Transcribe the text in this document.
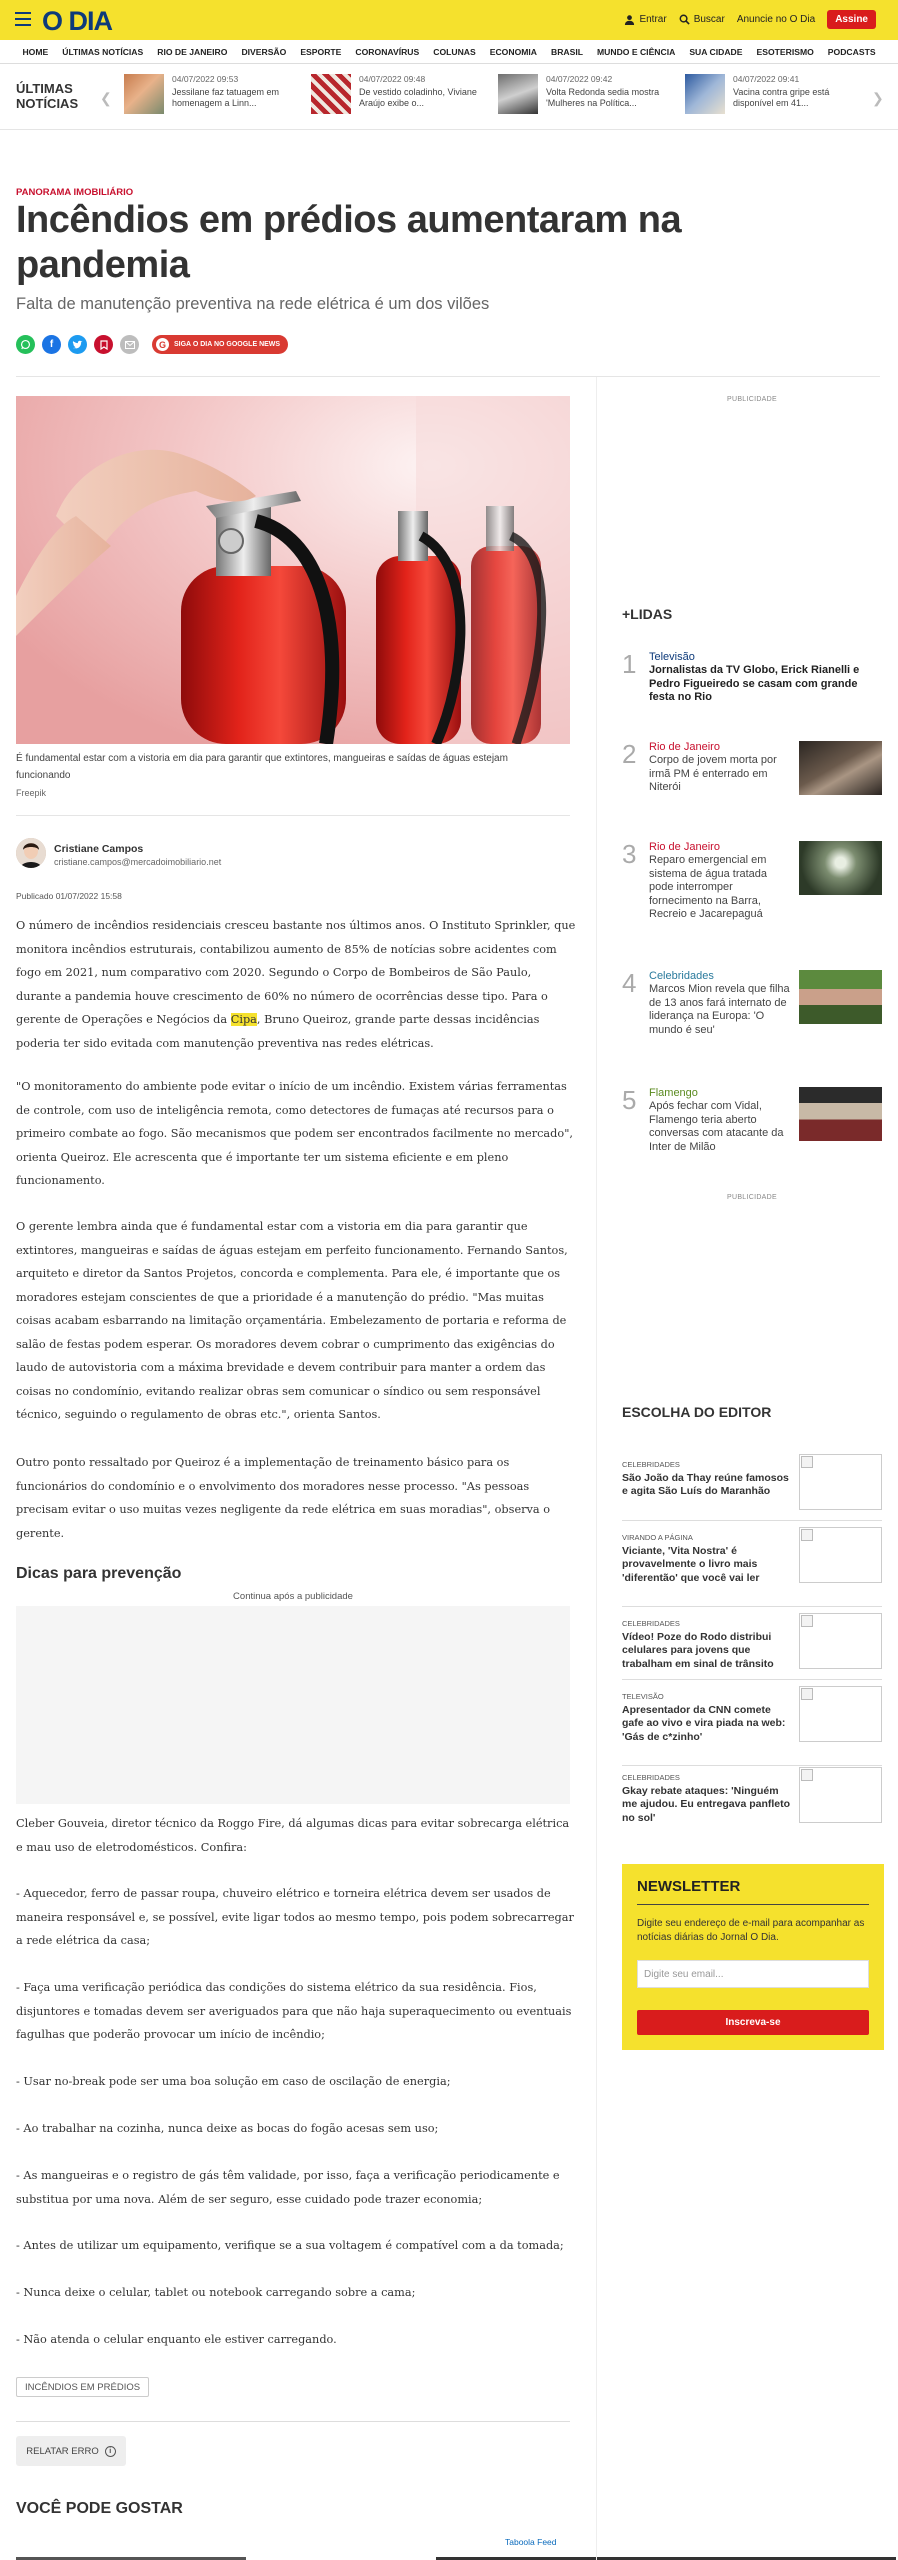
O DIA	Entrar	Buscar Anuncie no O Dia	Assine
HOME ÚLTIMAS NOTÍCIAS RIO DE JANEIRO DIVERSÃO ESPORTE CORONAVÍRUS COLUNAS ECONOMIA BRASIL MUNDO E CIÊNCIA SUA CIDADE ESOTERISMO PODCASTS
ÚLTIMAS
NOTÍCIAS ❮	❯
04/07/2022 09:53
Jessilane faz tatuagem em homenagem a Linn...
04/07/2022 09:48
De vestido coladinho, Viviane Araújo exibe o...
04/07/2022 09:42
Volta Redonda sedia mostra 'Mulheres na Política...
04/07/2022 09:41
Vacina contra gripe está disponível em 41...
PANORAMA IMOBILIÁRIO
Incêndios em prédios aumentaram na pandemia
Falta de manutenção preventiva na rede elétrica é um dos vilões
f	G	SIGA O DIA NO GOOGLE NEWS
É fundamental estar com a vistoria em dia para garantir que extintores, mangueiras e saídas de águas estejam funcionando
Freepik
Cristiane Campos
cristiane.campos@mercadoimobiliario.net
Publicado 01/07/2022 15:58

O número de incêndios residenciais cresceu bastante nos últimos anos. O Instituto Sprinkler, que monitora incêndios estruturais, contabilizou aumento de 85% de notícias sobre acidentes com fogo em 2021, num comparativo com 2020. Segundo o Corpo de Bombeiros de São Paulo, durante a pandemia houve crescimento de 60% no número de ocorrências desse tipo. Para o gerente de Operações e Negócios da Cipa, Bruno Queiroz, grande parte dessas incidências poderia ter sido evitada com manutenção preventiva nas redes elétricas.

"O monitoramento do ambiente pode evitar o início de um incêndio. Existem várias ferramentas de controle, com uso de inteligência remota, como detectores de fumaças até recursos para o primeiro combate ao fogo. São mecanismos que podem ser encontrados facilmente no mercado", orienta Queiroz. Ele acrescenta que é importante ter um sistema eficiente e em pleno funcionamento.

O gerente lembra ainda que é fundamental estar com a vistoria em dia para garantir que extintores, mangueiras e saídas de águas estejam em perfeito funcionamento. Fernando Santos, arquiteto e diretor da Santos Projetos, concorda e complementa. Para ele, é importante que os moradores estejam conscientes de que a prioridade é a manutenção do prédio. "Mas muitas coisas acabam esbarrando na limitação orçamentária. Embelezamento de portaria e reforma de salão de festas podem esperar. Os moradores devem cobrar o cumprimento das exigências do laudo de autovistoria com a máxima brevidade e devem contribuir para manter a ordem das coisas no condomínio, evitando realizar obras sem comunicar o síndico ou sem responsável técnico, seguindo o regulamento de obras etc.", orienta Santos.

Outro ponto ressaltado por Queiroz é a implementação de treinamento básico para os funcionários do condomínio e o envolvimento dos moradores nesse processo. "As pessoas precisam evitar o uso muitas vezes negligente da rede elétrica em suas moradias", observa o gerente.

Dicas para prevenção
Continua após a publicidade

Cleber Gouveia, diretor técnico da Roggo Fire, dá algumas dicas para evitar sobrecarga elétrica e mau uso de eletrodomésticos. Confira:

- Aquecedor, ferro de passar roupa, chuveiro elétrico e torneira elétrica devem ser usados de maneira responsável e, se possível, evite ligar todos ao mesmo tempo, pois podem sobrecarregar a rede elétrica da casa;

- Faça uma verificação periódica das condições do sistema elétrico da sua residência. Fios, disjuntores e tomadas devem ser averiguados para que não haja superaquecimento ou eventuais fagulhas que poderão provocar um início de incêndio;

- Usar no-break pode ser uma boa solução em caso de oscilação de energia;

- Ao trabalhar na cozinha, nunca deixe as bocas do fogão acesas sem uso;

- As mangueiras e o registro de gás têm validade, por isso, faça a verificação periodicamente e substitua por uma nova. Além de ser seguro, esse cuidado pode trazer economia;

- Antes de utilizar um equipamento, verifique se a sua voltagem é compatível com a da tomada;

- Nunca deixe o celular, tablet ou notebook carregando sobre a cama;

- Não atenda o celular enquanto ele estiver carregando.

INCÊNDIOS EM PRÉDIOS
RELATAR ERRO	i
VOCÊ PODE GOSTAR
Taboola Feed
PUBLICIDADE
+LIDAS
1 Televisão
Jornalistas da TV Globo, Erick Rianelli e Pedro Figueiredo se casam com grande festa no Rio
2 Rio de Janeiro
Corpo de jovem morta por irmã PM é enterrado em Niterói
3 Rio de Janeiro
Reparo emergencial em sistema de água tratada pode interromper fornecimento na Barra, Recreio e Jacarepaguá
4 Celebridades
Marcos Mion revela que filha de 13 anos fará internato de liderança na Europa: 'O mundo é seu'
5 Flamengo
Após fechar com Vidal, Flamengo teria aberto conversas com atacante da Inter de Milão
PUBLICIDADE
ESCOLHA DO EDITOR
CELEBRIDADES
São João da Thay reúne famosos e agita São Luís do Maranhão
VIRANDO A PÁGINA
Viciante, 'Vita Nostra' é provavelmente o livro mais 'diferentão' que você vai ler
CELEBRIDADES
Vídeo! Poze do Rodo distribui celulares para jovens que trabalham em sinal de trânsito
TELEVISÃO
Apresentador da CNN comete gafe ao vivo e vira piada na web: 'Gás de c*zinho'
CELEBRIDADES
Gkay rebate ataques: 'Ninguém me ajudou. Eu entregava panfleto no sol'
NEWSLETTER
Digite seu endereço de e-mail para acompanhar as notícias diárias do Jornal O Dia.
Digite seu email...
Inscreva-se
